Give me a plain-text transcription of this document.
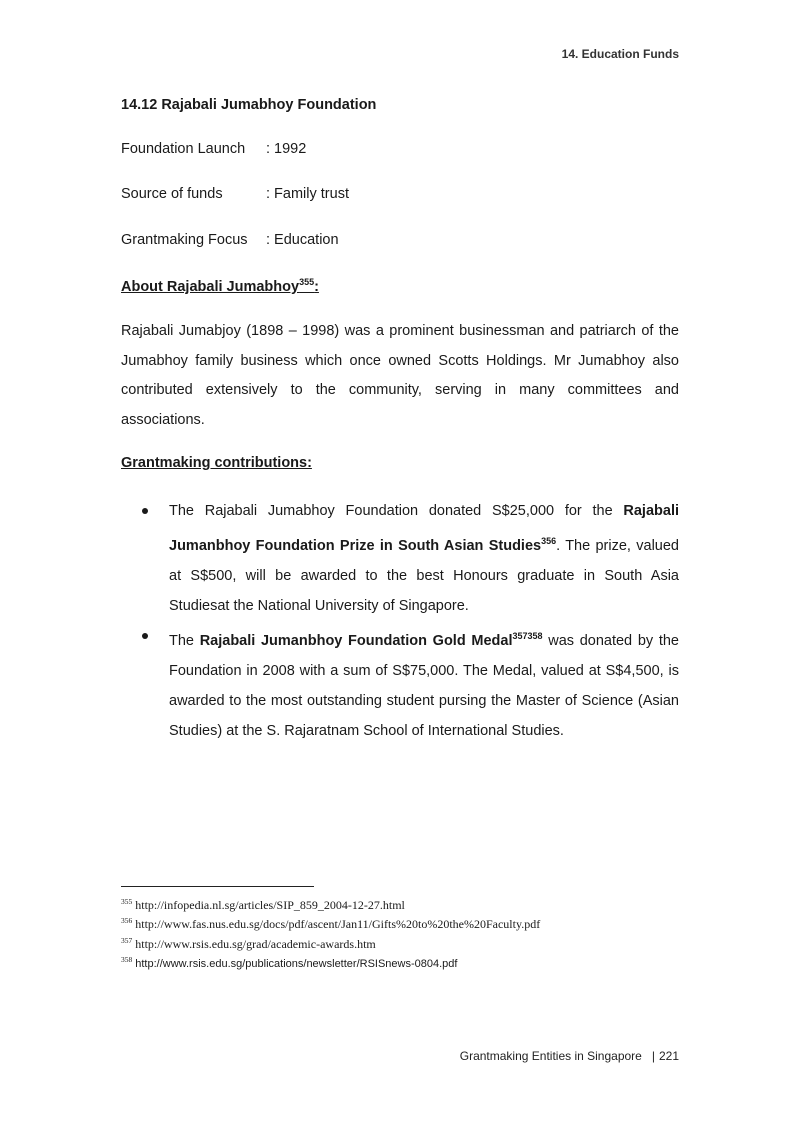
14. Education Funds
14.12 Rajabali Jumabhoy Foundation
Foundation Launch : 1992
Source of funds	: Family trust
Grantmaking Focus : Education
About Rajabali Jumabhoy$^{355}$:
Rajabali Jumabjoy (1898 – 1998) was a prominent businessman and patriarch of the Jumabhoy family business which once owned Scotts Holdings. Mr Jumabhoy also contributed extensively to the community, serving in many committees and associations.
Grantmaking contributions:
The Rajabali Jumabhoy Foundation donated S$25,000 for the Rajabali Jumanbhoy Foundation Prize in South Asian Studies$^{356}$. The prize, valued at S$500, will be awarded to the best Honours graduate in South Asia Studiesat the National University of Singapore.
The Rajabali Jumanbhoy Foundation Gold Medal$^{357358}$ was donated by the Foundation in 2008 with a sum of S$75,000. The Medal, valued at S$4,500, is awarded to the most outstanding student pursing the Master of Science (Asian Studies) at the S. Rajaratnam School of International Studies.
$^{355}$ http://infopedia.nl.sg/articles/SIP_859_2004-12-27.html
$^{356}$ http://www.fas.nus.edu.sg/docs/pdf/ascent/Jan11/Gifts%20to%20the%20Faculty.pdf
$^{357}$ http://www.rsis.edu.sg/grad/academic-awards.htm
$^{358}$ http://www.rsis.edu.sg/publications/newsletter/RSISnews-0804.pdf
Grantmaking Entities in Singapore | 221
